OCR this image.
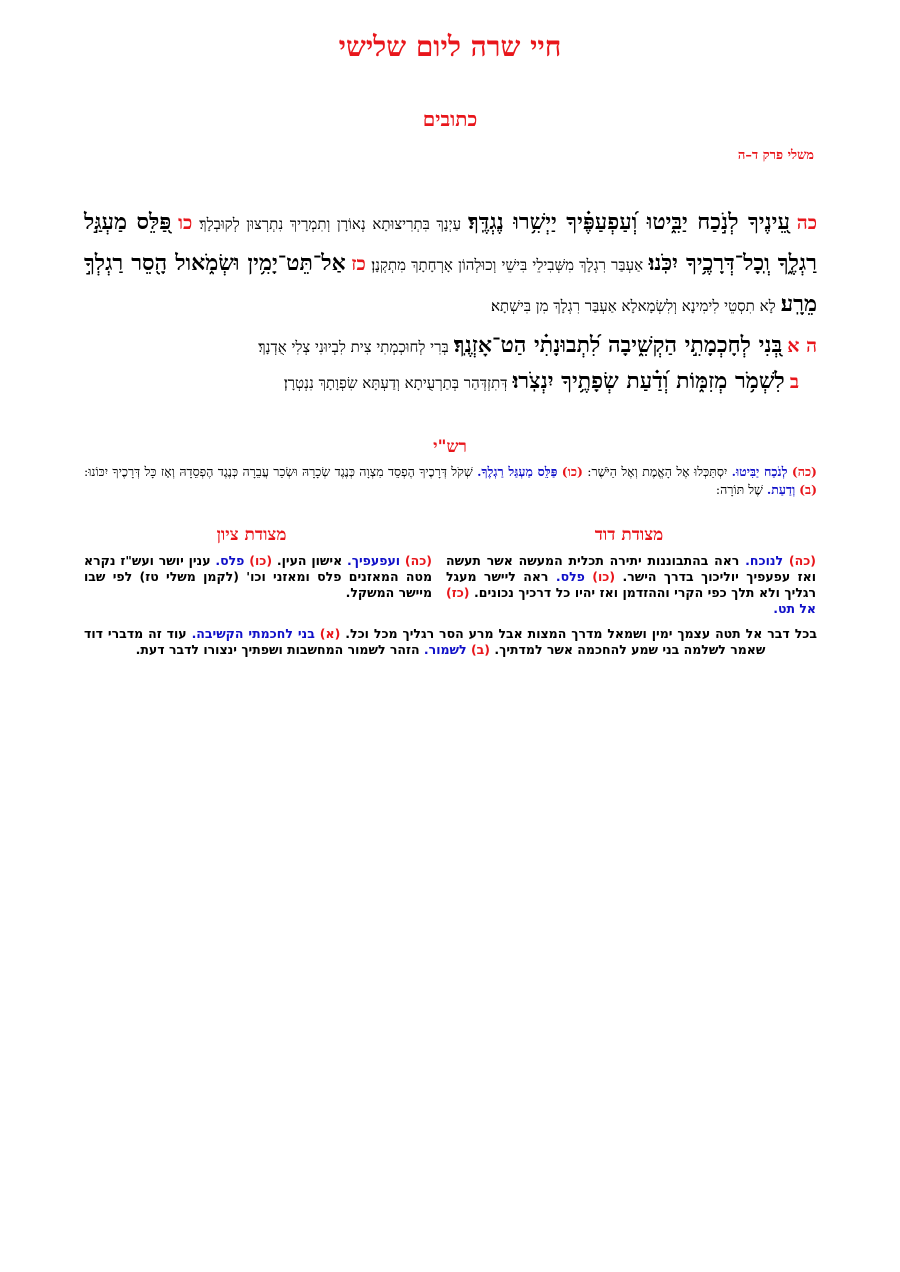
חיי שרה ליום שלישי
כתובים
משלי פרק ד–ה

כה עֵ֭ינֶיךָ לְנֹ֣כַח יַבִּ֑יטוּ וְ֝עַפְעַפֶּ֗יךָ יַיְשִׁ֥רוּ נֶגְדֶּֽךָ׃ עַיְנָךְ בִּתְרִיצוּתָא נְאוֹרָן וְתִמְרָיךְ נִתְרְצוּן לְקוּבְלָךְ׃ כו פַּ֭לֵּס מַעְגַּ֣ל רַגְלֶ֑ךָ וְֽכָל־דְּרָכֶ֥יךָ יִכֹּֽנוּ׃ אַעְבַּר רִגְלָךְ מִשְּׁבִילֵי בִּישֵׁי וְכוּלְהוֹן אָרְחָתָךְ מִתְקְנָן׃ כז אַל־תֵּט־יָמִ֥ין וּשְׂמֹ֑אול הָ֖סֵר רַגְלְךָ֣ מֵרָֽע׃ לָא תִסְטֵי לִימִינָא וְלִשְׂמָאלָא אַעְבַּר רִגְלָךְ מִן בִּישְׁתָא׃

ה א בְּ֭נִי לְחָכְמָתִ֣י הַקְשִׁ֑יבָה לִ֝תְבוּנָתִ֗י הַט־אָזְנֶֽךָ׃ בְּרִי לְחוּכְמְתִי צִית לִבְיוּנִי צְלִי אֻדְנָךְ׃

ב לִשְׁמֹ֥ר מְזִמּ֑וֹת וְ֝דַ֗עַת שְׂפָתֶ֥יךָ יִנְצֹֽרוּ׃ דְּתִזְדְּהַר בְּתַרְעֻיתָא וְדַעְתָּא שִׂפְוָתָךְ נִנְטְרָן׃

רש"י
(כה) לְנֹכַח יַבִּיטוּ. יִסְתַּכְּלוּ אֶל הָאֱמֶת וְאֶל הַיֹּשֶׁר: (כו) פַּלֵּס מַעְגַּל רַגְלֶךָ. שְׁקֹל דְּרָכֶיךָ הֶפְסֵד מִצְוָה כְּנֶגֶד שְׂכָרָהּ וּשְׂכַר עֲבֵרָה כְּנֶגֶד הֶפְסֵדָהּ וְאָז כָּל דְּרָכֶיךָ יִכּוֹנוּ: (ב) וְדַעַת. שֶׁל תּוֹרָה:
מצודת דוד
מצודת ציון
(כה) לנוכח. ראה בהתבוננות יתירה תכלית המעשה אשר תעשה ואז עפעפיך יוליכוך בדרך הישר. (כו) פלס. ראה ליישר מעגל רגליך ולא תלך כפי הקרי וההזדמן ואז יהיו כל דרכיך נכונים. (כז) אל תט.
(כה) ועפעפיך. אישון העין. (כו) פלס. ענין יושר ועש"ז נקרא מטה המאזנים פלס ומאזני וכו' (לקמן משלי טז) לפי שבו מיישר המשקל.
בכל דבר אל תטה עצמך ימין ושמאל מדרך המצות אבל מרע הסר רגליך מכל וכל. (א) בני לחכמתי הקשיבה. עוד זה מדברי דוד שאמר לשלמה בני שמע להחכמה אשר למדתיך. (ב) לשמור. הזהר לשמור המחשבות ושפתיך ינצורו לדבר דעת.
